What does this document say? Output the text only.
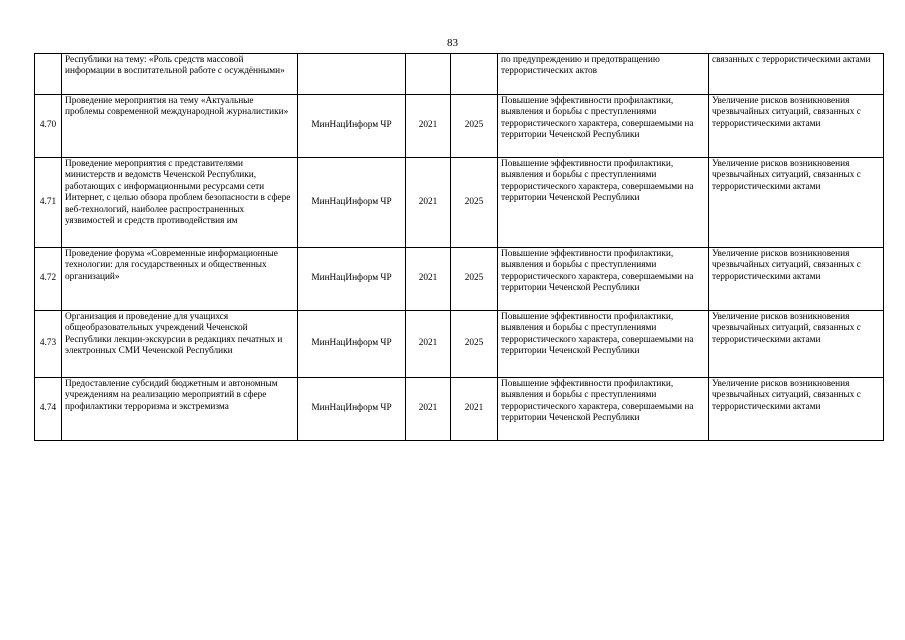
83
	Республики на тему: «Роль средств массовой информации в воспитательной работе с осуждёнными»				по предупреждению и предотвращению террористических актов	связанных с террористическими актами
4.70	Проведение мероприятия на тему «Актуальные проблемы современной международной журналистики»	МинНацИнформ ЧР	2021	2025	Повышение эффективности профилактики, выявления и борьбы с преступлениями террористического характера, совершаемыми на территории Чеченской Республики	Увеличение рисков возникновения чрезвычайных ситуаций, связанных с террористическими актами
4.71	Проведение мероприятия с представителями министерств и ведомств Чеченской Республики, работающих с информационными ресурсами сети Интернет, с целью обзора проблем безопасности в сфере веб-технологий, наиболее распространенных уязвимостей и средств противодействия им	МинНацИнформ ЧР	2021	2025	Повышение эффективности профилактики, выявления и борьбы с преступлениями террористического характера, совершаемыми на территории Чеченской Республики	Увеличение рисков возникновения чрезвычайных ситуаций, связанных с террористическими актами
4.72	Проведение форума «Современные информационные технологии: для государственных и общественных организаций»	МинНацИнформ ЧР	2021	2025	Повышение эффективности профилактики, выявления и борьбы с преступлениями террористического характера, совершаемыми на территории Чеченской Республики	Увеличение рисков возникновения чрезвычайных ситуаций, связанных с террористическими актами
4.73	Организация и проведение для учащихся общеобразовательных учреждений Чеченской Республики лекции-экскурсии в редакциях печатных и электронных СМИ Чеченской Республики	МинНацИнформ ЧР	2021	2025	Повышение эффективности профилактики, выявления и борьбы с преступлениями террористического характера, совершаемыми на территории Чеченской Республики	Увеличение рисков возникновения чрезвычайных ситуаций, связанных с террористическими актами
4.74	Предоставление субсидий бюджетным и автономным учреждениям на реализацию мероприятий в сфере профилактики терроризма и экстремизма	МинНацИнформ ЧР	2021	2021	Повышение эффективности профилактики, выявления и борьбы с преступлениями террористического характера, совершаемыми на территории Чеченской Республики	Увеличение рисков возникновения чрезвычайных ситуаций, связанных с террористическими актами
